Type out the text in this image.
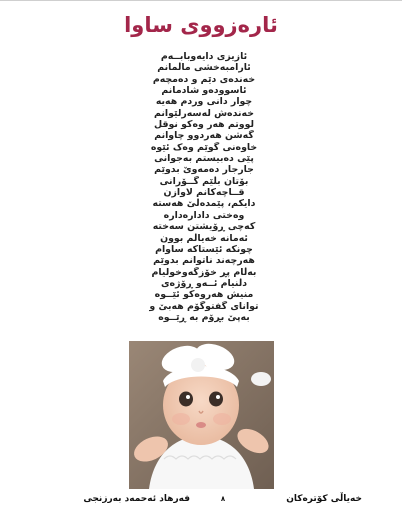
ئارەزووی ساوا
ئازیزی دایەوبابــەم
ئارامبەخشی ماڵمانم
خەندەی دێم و دەمچەم
ئاسوودەو شادمانم
چوار دانی وردم هەیە
خەندەش لەسەرلێوانم
لووتم هەر وەکو نوقل
گەشن هەردوو چاوانم
خاوەنی گوێم وەک ئێوە
پێی دەبیستم بەجوانی
جارجار دەمەوێ بدوێم
بۆتان بڵێم گــۆرانی
قــاچەکانم لاوازن
دایکم، پێمدەڵێ هەستە
وەختی دادارەدارە
کەچی ڕۆیشتن سەختە
ئەمانە خەیاڵم بوون
چونکە ئێستاکە ساوام
هەرچەند ناتوانم بدوێم
بەڵام پڕ خۆزگەوخولیام
دڵنیام ئــەو ڕۆژەی
منیش هەروەکو ئێــوە
توانای گفتوگۆم هەبێ و
بەپێ بڕۆم بە ڕێــوە
فەرهاد ئەحمەد بەرزنجی	٨	خەیاڵی کۆترەکان
